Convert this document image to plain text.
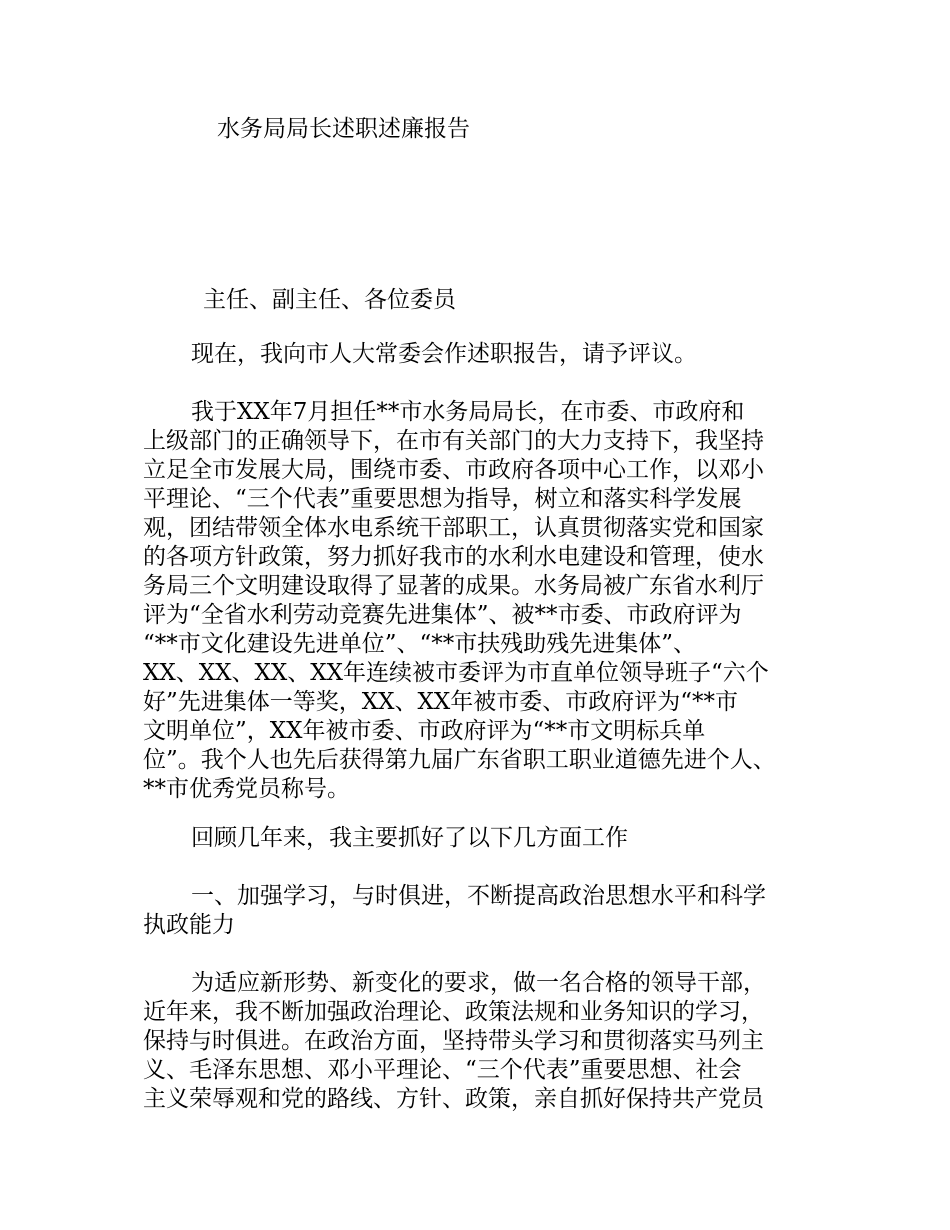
水务局局长述职述廉报告

主任、副主任、各位委员

现在，我向市人大常委会作述职报告，请予评议。

我于XX年7月担任**市水务局局长，在市委、市政府和

上级部门的正确领导下，在市有关部门的大力支持下，我坚持

立足全市发展大局，围绕市委、市政府各项中心工作，以邓小

平理论、“三个代表”重要思想为指导，树立和落实科学发展

观，团结带领全体水电系统干部职工，认真贯彻落实党和国家

的各项方针政策，努力抓好我市的水利水电建设和管理，使水

务局三个文明建设取得了显著的成果。水务局被广东省水利厅

评为“全省水利劳动竞赛先进集体”、被**市委、市政府评为

“**市文化建设先进单位”、“**市扶残助残先进集体”、

XX、XX、XX、XX年连续被市委评为市直单位领导班子“六个

好”先进集体一等奖，XX、XX年被市委、市政府评为“**市

文明单位”，XX年被市委、市政府评为“**市文明标兵单

位”。我个人也先后获得第九届广东省职工职业道德先进个人、

**市优秀党员称号。

回顾几年来，我主要抓好了以下几方面工作

一、加强学习，与时俱进，不断提高政治思想水平和科学

执政能力

为适应新形势、新变化的要求，做一名合格的领导干部，

近年来，我不断加强政治理论、政策法规和业务知识的学习，

保持与时俱进。在政治方面，坚持带头学习和贯彻落实马列主

义、毛泽东思想、邓小平理论、“三个代表”重要思想、社会

主义荣辱观和党的路线、方针、政策，亲自抓好保持共产党员
